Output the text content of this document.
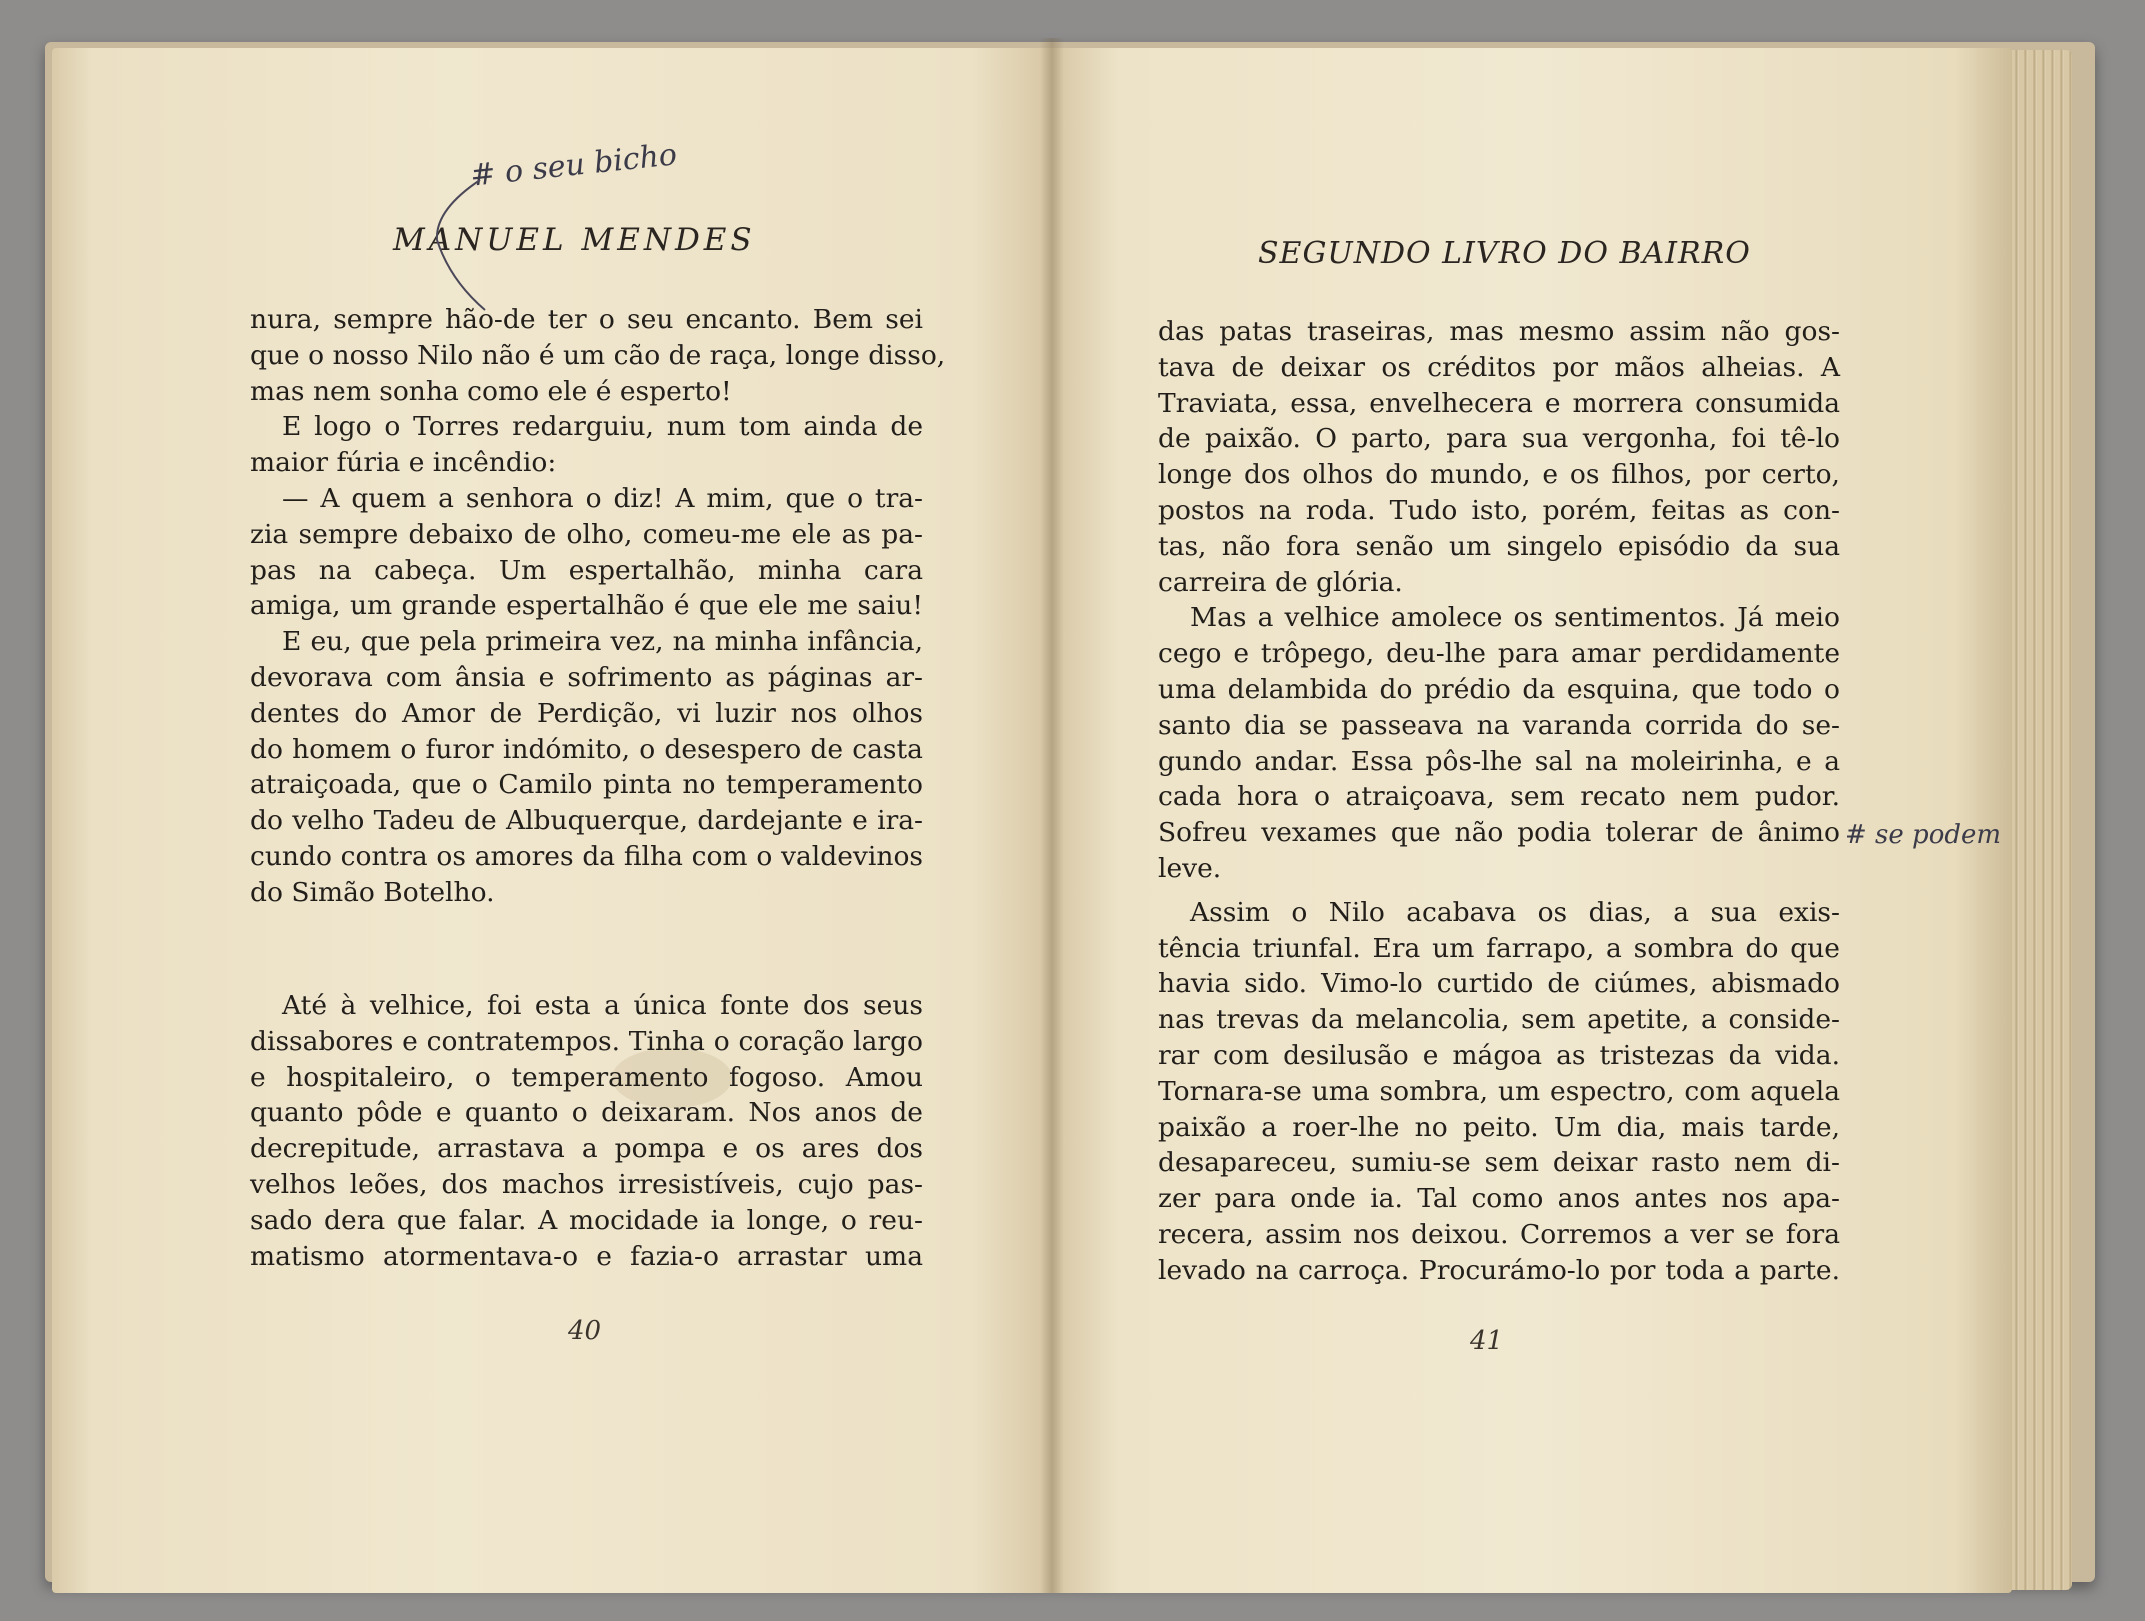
MANUEL MENDES
# o seu bicho
nura, sempre hão-de ter o seu encanto. Bem sei
que o nosso Nilo não é um cão de raça, longe disso,
mas nem sonha como ele é esperto!
E logo o Torres redarguiu, num tom ainda de
maior fúria e incêndio:
— A quem a senhora o diz! A mim, que o tra-
zia sempre debaixo de olho, comeu-me ele as pa-
pas na cabeça. Um espertalhão, minha cara
amiga, um grande espertalhão é que ele me saiu!
E eu, que pela primeira vez, na minha infância,
devorava com ânsia e sofrimento as páginas ar-
dentes do Amor de Perdição, vi luzir nos olhos
do homem o furor indómito, o desespero de casta
atraiçoada, que o Camilo pinta no temperamento
do velho Tadeu de Albuquerque, dardejante e ira-
cundo contra os amores da filha com o valdevinos
do Simão Botelho.
Até à velhice, foi esta a única fonte dos seus
dissabores e contratempos. Tinha o coração largo
e hospitaleiro, o temperamento fogoso. Amou
quanto pôde e quanto o deixaram. Nos anos de
decrepitude, arrastava a pompa e os ares dos
velhos leões, dos machos irresistíveis, cujo pas-
sado dera que falar. A mocidade ia longe, o reu-
matismo atormentava-o e fazia-o arrastar uma
40
SEGUNDO LIVRO DO BAIRRO
das patas traseiras, mas mesmo assim não gos-
tava de deixar os créditos por mãos alheias. A
Traviata, essa, envelhecera e morrera consumida
de paixão. O parto, para sua vergonha, foi tê-lo
longe dos olhos do mundo, e os filhos, por certo,
postos na roda. Tudo isto, porém, feitas as con-
tas, não fora senão um singelo episódio da sua
carreira de glória.
Mas a velhice amolece os sentimentos. Já meio
cego e trôpego, deu-lhe para amar perdidamente
uma delambida do prédio da esquina, que todo o
santo dia se passeava na varanda corrida do se-
gundo andar. Essa pôs-lhe sal na moleirinha, e a
cada hora o atraiçoava, sem recato nem pudor.
Sofreu vexames que não podia tolerar de ânimo
leve.
Assim o Nilo acabava os dias, a sua exis-
tência triunfal. Era um farrapo, a sombra do que
havia sido. Vimo-lo curtido de ciúmes, abismado
nas trevas da melancolia, sem apetite, a conside-
rar com desilusão e mágoa as tristezas da vida.
Tornara-se uma sombra, um espectro, com aquela
paixão a roer-lhe no peito. Um dia, mais tarde,
desapareceu, sumiu-se sem deixar rasto nem di-
zer para onde ia. Tal como anos antes nos apa-
recera, assim nos deixou. Corremos a ver se fora
levado na carroça. Procurámo-lo por toda a parte.
# se podem
41
